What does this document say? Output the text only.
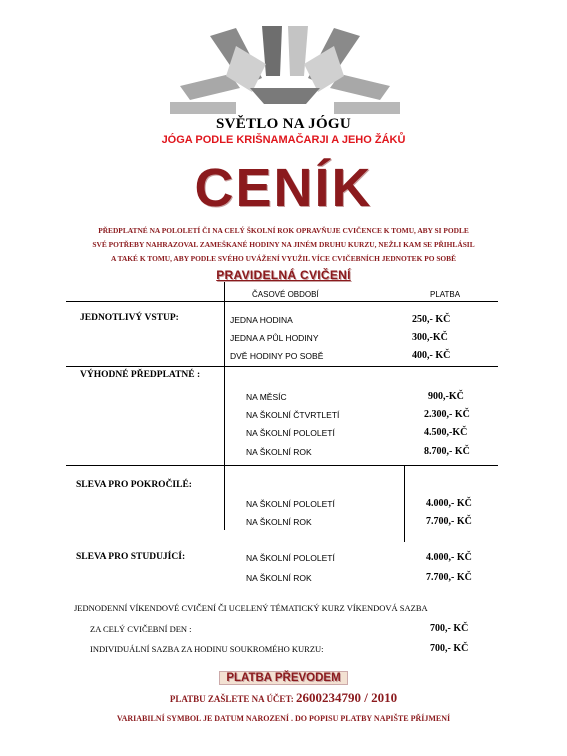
SVĚTLO NA JÓGU
JÓGA PODLE KRIŠNAMAČARJI A JEHO ŽÁKŮ
CENÍK
PŘEDPLATNÉ NA POLOLETÍ ČI NA CELÝ ŠKOLNÍ ROK OPRAVŇUJE CVIČENCE K TOMU, ABY SI PODLE
SVÉ POTŘEBY NAHRAZOVAL ZAMEŠKANÉ HODINY NA JINÉM DRUHU KURZU, NEŽLI KAM SE PŘIHLÁSIL
A TAKÉ K TOMU, ABY PODLE SVÉHO UVÁŽENÍ VYUŽIL VÍCE CVIČEBNÍCH JEDNOTEK PO SOBĚ
PRAVIDELNÁ CVIČENÍ
ČASOVÉ OBDOBÍ	PLATBA
JEDNOTLIVÝ VSTUP:	JEDNA HODINA	250,- KČ
JEDNA A PŮL HODINY	300,-KČ
DVĚ HODINY PO SOBĚ	400,- KČ
VÝHODNÉ PŘEDPLATNÉ :
NA MĚSÍC	900,-KČ
NA ŠKOLNÍ ČTVRTLETÍ	2.300,- KČ
NA ŠKOLNÍ POLOLETÍ	4.500,-KČ
NA ŠKOLNÍ ROK	8.700,- KČ
SLEVA PRO POKROČILÉ:
NA ŠKOLNÍ POLOLETÍ	4.000,- KČ
NA ŠKOLNÍ ROK	7.700,- KČ
SLEVA PRO STUDUJÍCÍ:	NA ŠKOLNÍ POLOLETÍ	4.000,- KČ
NA ŠKOLNÍ ROK	7.700,- KČ
JEDNODENNÍ VÍKENDOVÉ CVIČENÍ ČI UCELENÝ TÉMATICKÝ KURZ VÍKENDOVÁ SAZBA
ZA CELÝ CVIČEBNÍ DEN :	700,- KČ
INDIVIDUÁLNÍ SAZBA ZA HODINU SOUKROMÉHO KURZU:	700,- KČ
PLATBA PŘEVODEM
PLATBU ZAŠLETE NA ÚČET: 2600234790 / 2010
VARIABILNÍ SYMBOL JE DATUM NAROZENÍ . DO POPISU PLATBY NAPIŠTE PŘÍJMENÍ
